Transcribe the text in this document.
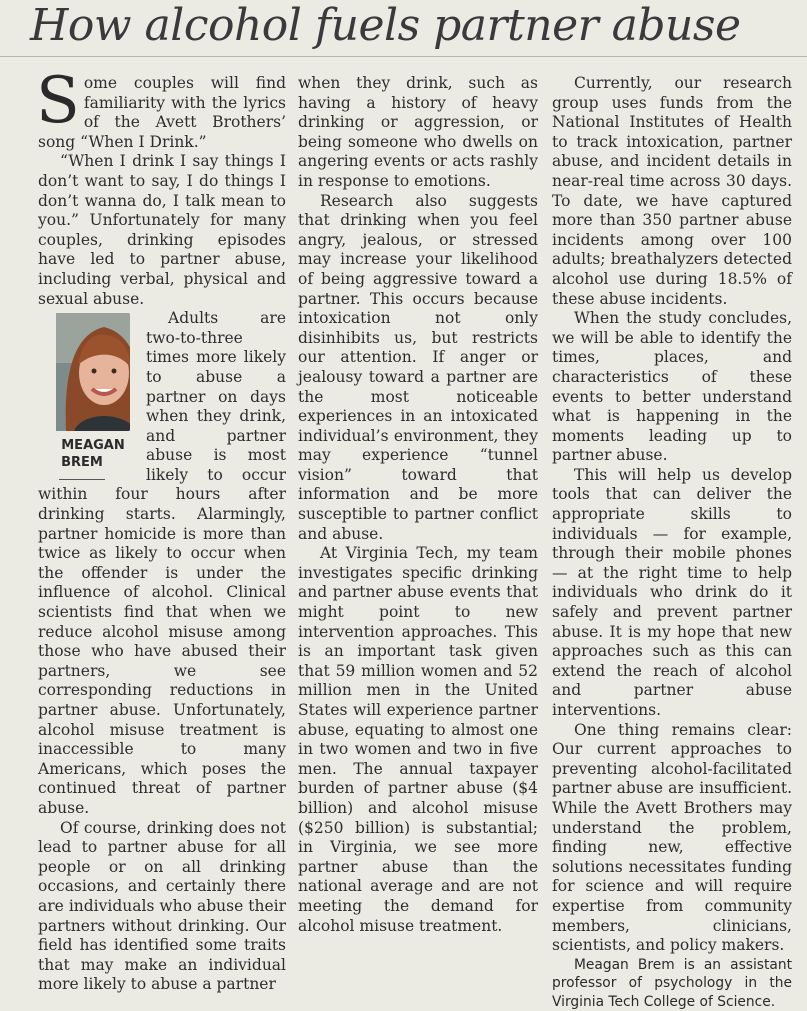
How alcohol fuels partner abuse

Some couples will find familiarity with the lyrics of the Avett Brothers’ song “When I Drink.”

“When I drink I say things I don’t want to say, I do things I don’t wanna do, I talk mean to you.” Unfortunately for many couples, drinking episodes have led to partner abuse, including verbal, physical and sexual abuse.

MEAGAN
BREM
Adults are two-to-three times more likely to abuse a partner on days when they drink, and partner abuse is most likely to occur within four hours after drinking starts. Alarmingly, partner homicide is more than twice as likely to occur when the offender is under the influence of alcohol. Clinical scientists find that when we reduce alcohol misuse among those who have abused their partners, we see corresponding reductions in partner abuse. Unfortunately, alcohol misuse treatment is inaccessible to many Americans, which poses the continued threat of partner abuse.

Of course, drinking does not lead to partner abuse for all people or on all drinking occasions, and certainly there are individuals who abuse their partners without drinking. Our field has identified some traits that may make an individual more likely to abuse a partner

when they drink, such as having a history of heavy drinking or aggression, or being someone who dwells on angering events or acts rashly in response to emotions.

Research also suggests that drinking when you feel angry, jealous, or stressed may increase your likelihood of being aggressive toward a partner. This occurs because intoxication not only disinhibits us, but restricts our attention. If anger or jealousy toward a partner are the most noticeable experiences in an intoxicated individual’s environment, they may experience “tunnel vision” toward that information and be more susceptible to partner conflict and abuse.

At Virginia Tech, my team investigates specific drinking and partner abuse events that might point to new intervention approaches. This is an important task given that 59 million women and 52 million men in the United States will experience partner abuse, equating to almost one in two women and two in five men. The annual taxpayer burden of partner abuse ($4 billion) and alcohol misuse ($250 billion) is substantial; in Virginia, we see more partner abuse than the national average and are not meeting the demand for alcohol misuse treatment.

Currently, our research group uses funds from the National Institutes of Health to track intoxication, partner abuse, and incident details in near-real time across 30 days. To date, we have captured more than 350 partner abuse incidents among over 100 adults; breathalyzers detected alcohol use during 18.5% of these abuse incidents.

When the study concludes, we will be able to identify the times, places, and characteristics of these events to better understand what is happening in the moments leading up to partner abuse.

This will help us develop tools that can deliver the appropriate skills to individuals — for example, through their mobile phones — at the right time to help individuals who drink do it safely and prevent partner abuse. It is my hope that new approaches such as this can extend the reach of alcohol and partner abuse interventions.

One thing remains clear: Our current approaches to preventing alcohol-facilitated partner abuse are insufficient. While the Avett Brothers may understand the problem, finding new, effective solutions necessitates funding for science and will require expertise from community members, clinicians, scientists, and policy makers.

Meagan Brem is an assistant professor of psychology in the Virginia Tech College of Science.
